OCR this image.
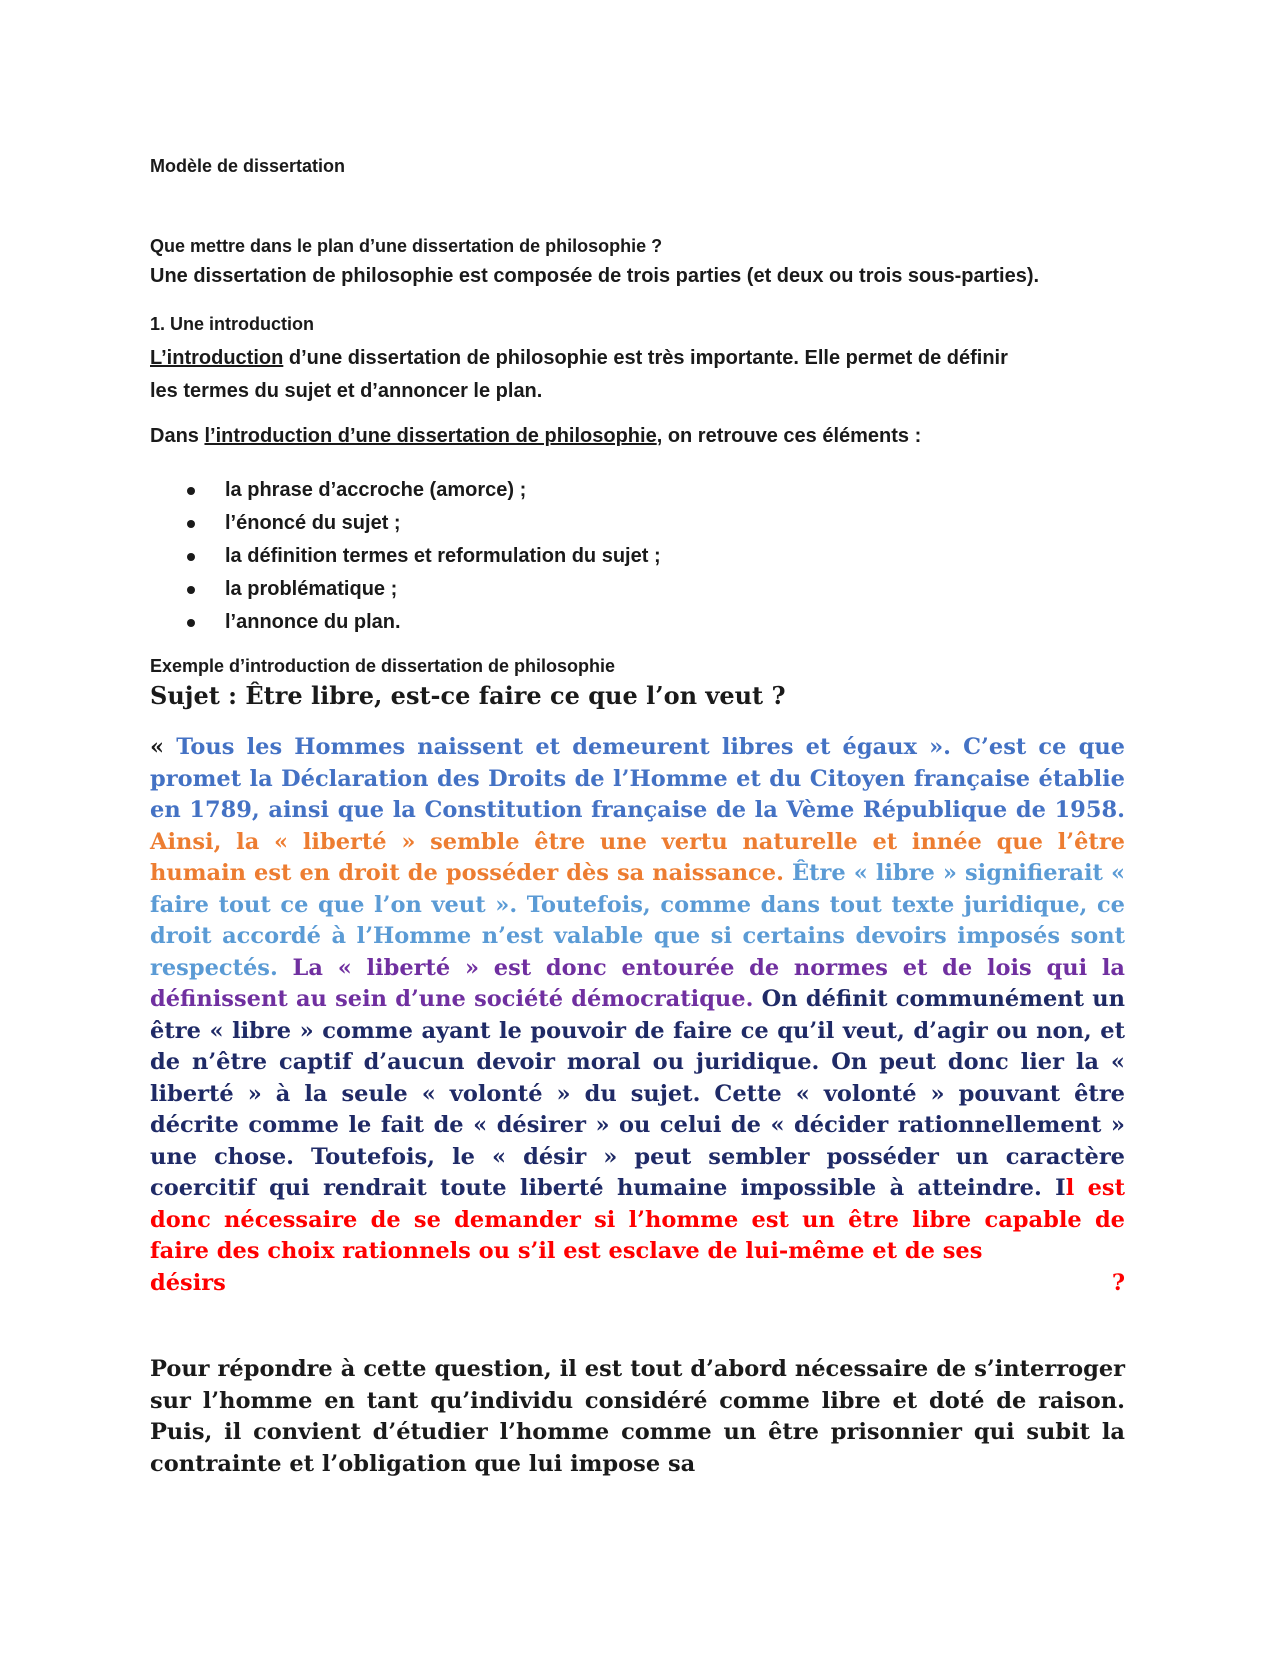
Modèle de dissertation
Que mettre dans le plan d’une dissertation de philosophie ?
Une dissertation de philosophie est composée de trois parties (et deux ou trois sous-parties).
1. Une introduction
L’introduction d’une dissertation de philosophie est très importante. Elle permet de définir
les termes du sujet et d’annoncer le plan.
Dans l’introduction d’une dissertation de philosophie, on retrouve ces éléments :
la phrase d’accroche (amorce) ;
l’énoncé du sujet ;
la définition termes et reformulation du sujet ;
la problématique ;
l’annonce du plan.
Exemple d’introduction de dissertation de philosophie
Sujet : Être libre, est-ce faire ce que l’on veut ?

« Tous les Hommes naissent et demeurent libres et égaux ». C’est ce que promet la Déclaration des Droits de l’Homme et du Citoyen française établie en 1789, ainsi que la Constitution française de la Vème République de 1958. Ainsi, la « liberté » semble être une vertu naturelle et innée que l’être humain est en droit de posséder dès sa naissance. Être « libre » signifierait « faire tout ce que l’on veut ». Toutefois, comme dans tout texte juridique, ce droit accordé à l’Homme n’est valable que si certains devoirs imposés sont respectés. La « liberté » est donc entourée de normes et de lois qui la définissent au sein d’une société démocratique. On définit communément un être « libre » comme ayant le pouvoir de faire ce qu’il veut, d’agir ou non, et de n’être captif d’aucun devoir moral ou juridique. On peut donc lier la « liberté » à la seule « volonté » du sujet. Cette « volonté » pouvant être décrite comme le fait de « désirer » ou celui de « décider rationnellement » une chose. Toutefois, le « désir » peut sembler posséder un caractère coercitif qui rendrait toute liberté humaine impossible à atteindre. Il est donc nécessaire de se demander si l’homme est un être libre capable de faire des choix rationnels ou s’il est esclave de lui-même et de ses
désirs	?

Pour répondre à cette question, il est tout d’abord nécessaire de s’interroger sur l’homme en tant qu’individu considéré comme libre et doté de raison. Puis, il convient d’étudier l’homme comme un être prisonnier qui subit la contrainte et l’obligation que lui impose sa
